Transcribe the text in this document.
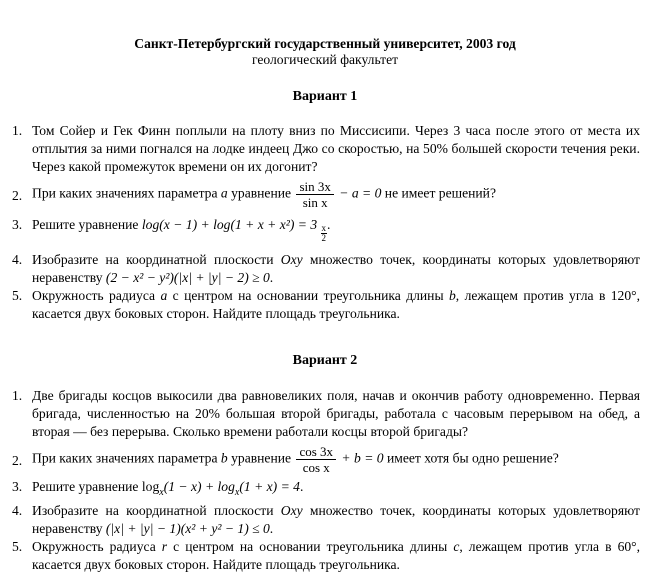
Санкт-Петербургский государственный университет, 2003 год
геологический факультет
Вариант 1
1. Том Сойер и Гек Финн поплыли на плоту вниз по Миссисипи. Через 3 часа после этого от места их отплытия за ними погнался на лодке индеец Джо со скоростью, на 50% большей скорости течения реки. Через какой промежуток времени он их догонит?
2. При каких значениях параметра a уравнение $\frac{\sin 3x}{\text{sin x}} - a = 0$ не имеет решений?
3. Решите уравнение $\log(x - 1) + \log(1 + x + x^2) = 3 \frac{x}{2}$ .
4. Изобразите на координатной плоскости Oxy множество точек, координаты которых удовлетворяют неравенству (2 − x² − y²)(|x| + |y| − 2) ≥ 0.
5. Окружность радиуса a с центром на основании треугольника длины b, лежащем против угла в 120°, касается двух боковых сторон. Найдите площадь треугольника.
Вариант 2
1. Две бригады косцов выкосили два равновеликих поля, начав и окончив работу одновременно. Первая бригада, численностью на 20% большая второй бригады, работала с часовым перерывом на обед, а вторая — без перерыва. Сколько времени работали косцы второй бригады?
2. При каких значениях параметра b уравнение $\frac{\cos 3x}{\text{cos x}} + b = 0$ имеет хотя бы одно решение?
3. Решите уравнение $\log_x(1 - x) + \log_x(1 + x) = 4$.
4. Изобразите на координатной плоскости Oxy множество точек, координаты которых удовлетворяют неравенству (|x| + |y| − 1)(x² + y² − 1) ≤ 0.
5. Окружность радиуса r с центром на основании треугольника длины c, лежащем против угла в 60°, касается двух боковых сторон. Найдите площадь треугольника.
